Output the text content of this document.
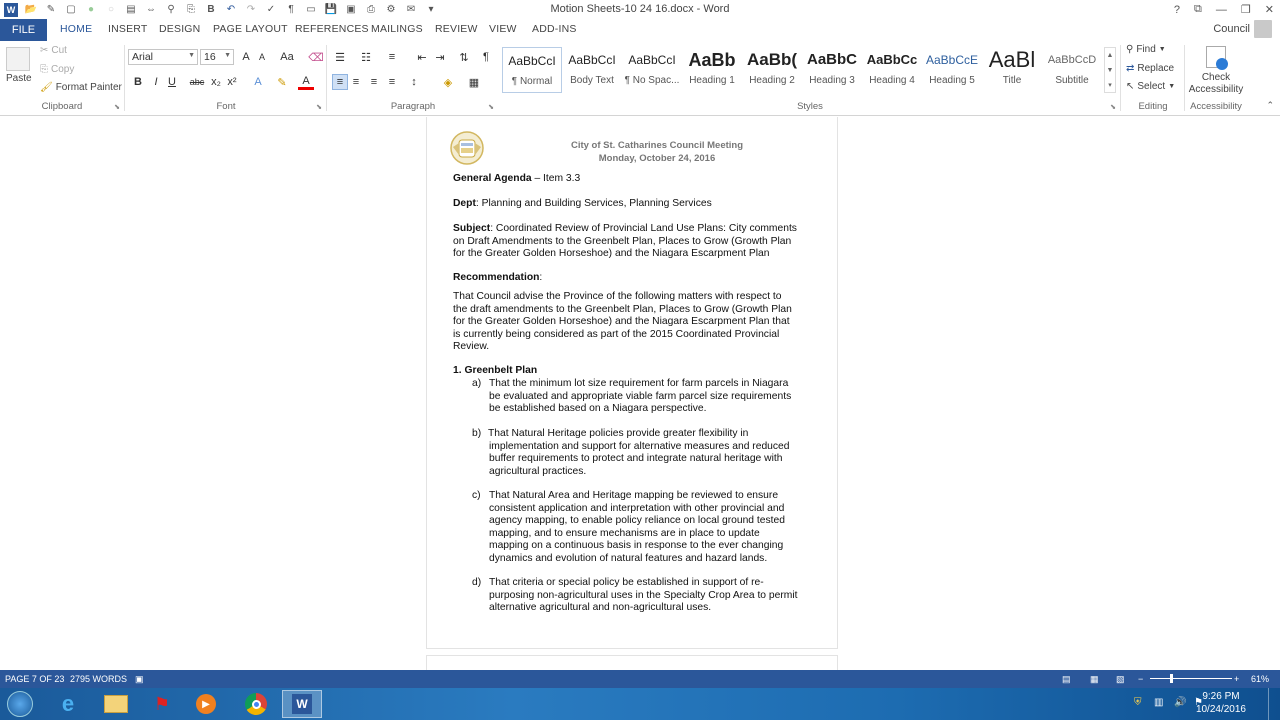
W 📂 ✎ ▢	●	○	▤ ⇔	⚲	⎘	B	↶ ↷ ✓	¶	▭ 💾 ▣	⎙	⚙ ✉	▾	Motion Sheets-10 24 16.docx - Word	? ⧉ — ❐ ✕
FILE	HOME INSERT DESIGN PAGE LAYOUT REFERENCES MAILINGS REVIEW VIEW ADD-INS	Council
Paste
✂ Cut
⎘ Copy
🖌 Format Painter
Clipboard	⬊
Arial	▼ 16 ▼	A	A	Aa	⌫
B	I U	abc x₂ x²	A	✎	A
Font	⬊
☰ ☷	≡	⇤ ⇥	⇅	¶
≡ ≡	≡	≡	↕	◈	▦
Paragraph	⬊
AaBbCcI
¶ Normal
AaBbCcI
Body Text
AaBbCcI
¶ No Spac...
AaBb
Heading 1
AaBb(
Heading 2
AaBbC
Heading 3
AaBbCc
Heading 4
AaBbCcE
Heading 5
AaBl
Title
AaBbCcD
Subtitle
▲
▼
▾
Styles	⬊
⚲ Find ▼
⇄ Replace
↖ Select ▼
Editing
Check
Accessibility
Accessibility	⌃
City of St. Catharines Council Meeting
Monday, October 24, 2016
General Agenda – Item 3.3
Dept: Planning and Building Services, Planning Services
Subject: Coordinated Review of Provincial Land Use Plans: City comments
on Draft Amendments to the Greenbelt Plan, Places to Grow (Growth Plan
for the Greater Golden Horseshoe) and the Niagara Escarpment Plan
Recommendation:
That Council advise the Province of the following matters with respect to
the draft amendments to the Greenbelt Plan, Places to Grow (Growth Plan
for the Greater Golden Horseshoe) and the Niagara Escarpment Plan that
is currently being considered as part of the 2015 Coordinated Provincial
Review.
1. Greenbelt Plan
a) That the minimum lot size requirement for farm parcels in Niagara
be evaluated and appropriate viable farm parcel size requirements
be established based on a Niagara perspective.
b) That Natural Heritage policies provide greater flexibility in
implementation and support for alternative measures and reduced
buffer requirements to protect and integrate natural heritage with
agricultural practices.
c) That Natural Area and Heritage mapping be reviewed to ensure
consistent application and interpretation with other provincial and
agency mapping, to enable policy reliance on local ground tested
mapping, and to ensure mechanisms are in place to update
mapping on a continuous basis in response to the ever changing
dynamics and evolution of natural features and hazard lands.
d) That criteria or special policy be established in support of re-
purposing non-agricultural uses in the Specialty Crop Area to permit
alternative agricultural and non-agricultural uses.
PAGE 7 OF 23 2795 WORDS ▣	▤ ▦ ▧ −	+ 61%
e	⚑	▶	W	⛨	▥ 🔊 ⚑
9:26 PM
10/24/2016
